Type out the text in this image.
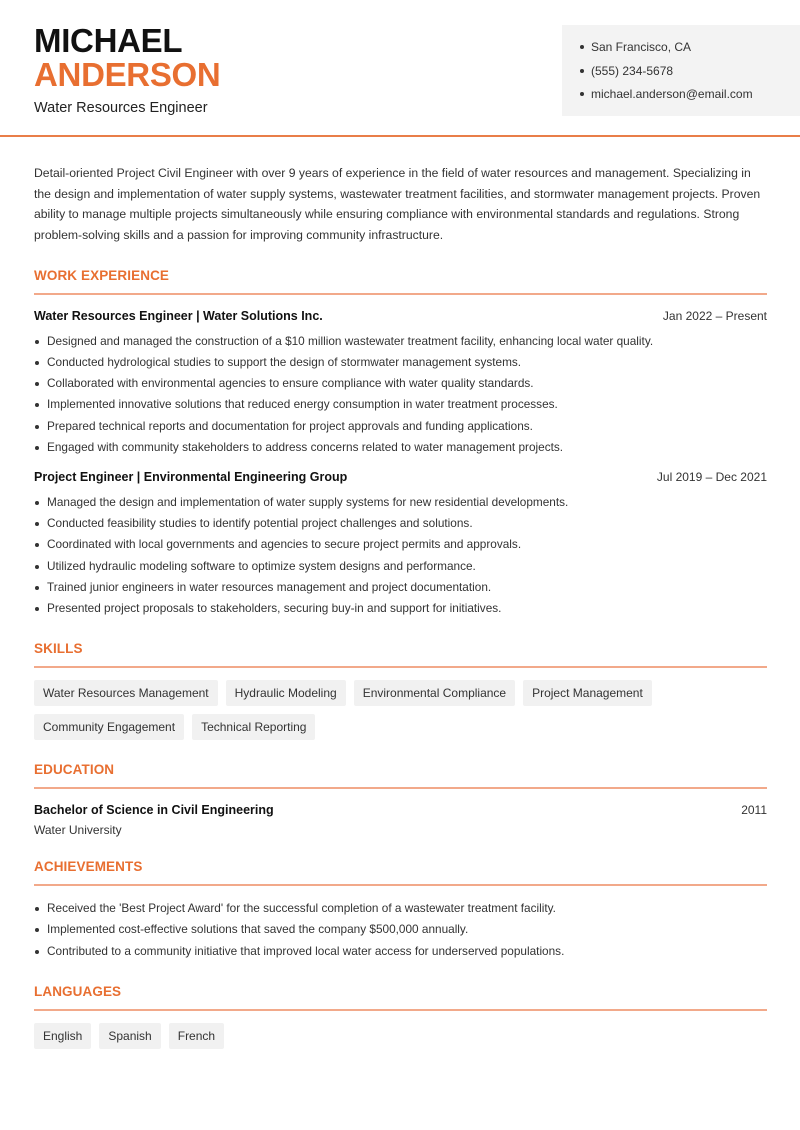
MICHAEL
ANDERSON
Water Resources Engineer
San Francisco, CA
(555) 234-5678
michael.anderson@email.com

Detail-oriented Project Civil Engineer with over 9 years of experience in the field of water resources and management. Specializing in the design and implementation of water supply systems, wastewater treatment facilities, and stormwater management projects. Proven ability to manage multiple projects simultaneously while ensuring compliance with environmental standards and regulations. Strong problem-solving skills and a passion for improving community infrastructure.

WORK EXPERIENCE
Water Resources Engineer | Water Solutions Inc.	Jan 2022 – Present
Designed and managed the construction of a $10 million wastewater treatment facility, enhancing local water quality.
Conducted hydrological studies to support the design of stormwater management systems.
Collaborated with environmental agencies to ensure compliance with water quality standards.
Implemented innovative solutions that reduced energy consumption in water treatment processes.
Prepared technical reports and documentation for project approvals and funding applications.
Engaged with community stakeholders to address concerns related to water management projects.
Project Engineer | Environmental Engineering Group	Jul 2019 – Dec 2021
Managed the design and implementation of water supply systems for new residential developments.
Conducted feasibility studies to identify potential project challenges and solutions.
Coordinated with local governments and agencies to secure project permits and approvals.
Utilized hydraulic modeling software to optimize system designs and performance.
Trained junior engineers in water resources management and project documentation.
Presented project proposals to stakeholders, securing buy-in and support for initiatives.
SKILLS
Water Resources Management	Hydraulic Modeling	Environmental Compliance	Project Management
Community Engagement	Technical Reporting
EDUCATION
Bachelor of Science in Civil Engineering	2011
Water University
ACHIEVEMENTS
Received the 'Best Project Award' for the successful completion of a wastewater treatment facility.
Implemented cost-effective solutions that saved the company $500,000 annually.
Contributed to a community initiative that improved local water access for underserved populations.
LANGUAGES
English	Spanish	French
